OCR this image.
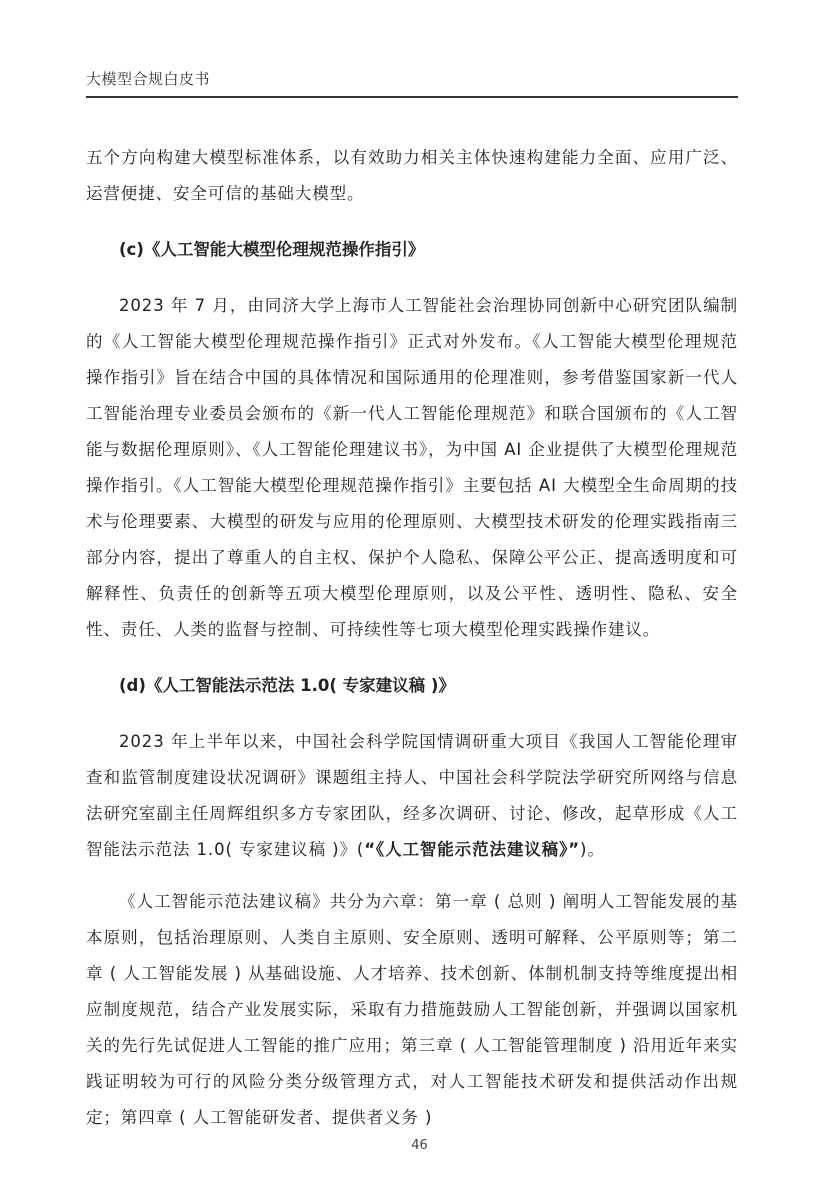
大模型合规白皮书

五个方向构建大模型标准体系，以有效助力相关主体快速构建能力全面、应用广泛、运营便捷、安全可信的基础大模型。

(c)《人工智能大模型伦理规范操作指引》

2023 年 7 月，由同济大学上海市人工智能社会治理协同创新中心研究团队编制的《人工智能大模型伦理规范操作指引》正式对外发布。《人工智能大模型伦理规范操作指引》旨在结合中国的具体情况和国际通用的伦理准则，参考借鉴国家新一代人工智能治理专业委员会颁布的《新一代人工智能伦理规范》和联合国颁布的《人工智能与数据伦理原则》、《人工智能伦理建议书》，为中国 AI 企业提供了大模型伦理规范操作指引。《人工智能大模型伦理规范操作指引》主要包括 AI 大模型全生命周期的技术与伦理要素、大模型的研发与应用的伦理原则、大模型技术研发的伦理实践指南三部分内容，提出了尊重人的自主权、保护个人隐私、保障公平公正、提高透明度和可解释性、负责任的创新等五项大模型伦理原则，以及公平性、透明性、隐私、安全性、责任、人类的监督与控制、可持续性等七项大模型伦理实践操作建议。

(d)《人工智能法示范法 1.0( 专家建议稿 )》

2023 年上半年以来，中国社会科学院国情调研重大项目《我国人工智能伦理审查和监管制度建设状况调研》课题组主持人、中国社会科学院法学研究所网络与信息法研究室副主任周辉组织多方专家团队，经多次调研、讨论、修改，起草形成《人工智能法示范法 1.0( 专家建议稿 )》(“《人工智能示范法建议稿》”)。

《人工智能示范法建议稿》共分为六章：第一章 ( 总则 ) 阐明人工智能发展的基本原则，包括治理原则、人类自主原则、安全原则、透明可解释、公平原则等；第二章 ( 人工智能发展 ) 从基础设施、人才培养、技术创新、体制机制支持等维度提出相应制度规范，结合产业发展实际，采取有力措施鼓励人工智能创新，并强调以国家机关的先行先试促进人工智能的推广应用；第三章 ( 人工智能管理制度 ) 沿用近年来实践证明较为可行的风险分类分级管理方式，对人工智能技术研发和提供活动作出规定；第四章 ( 人工智能研发者、提供者义务 )

46
